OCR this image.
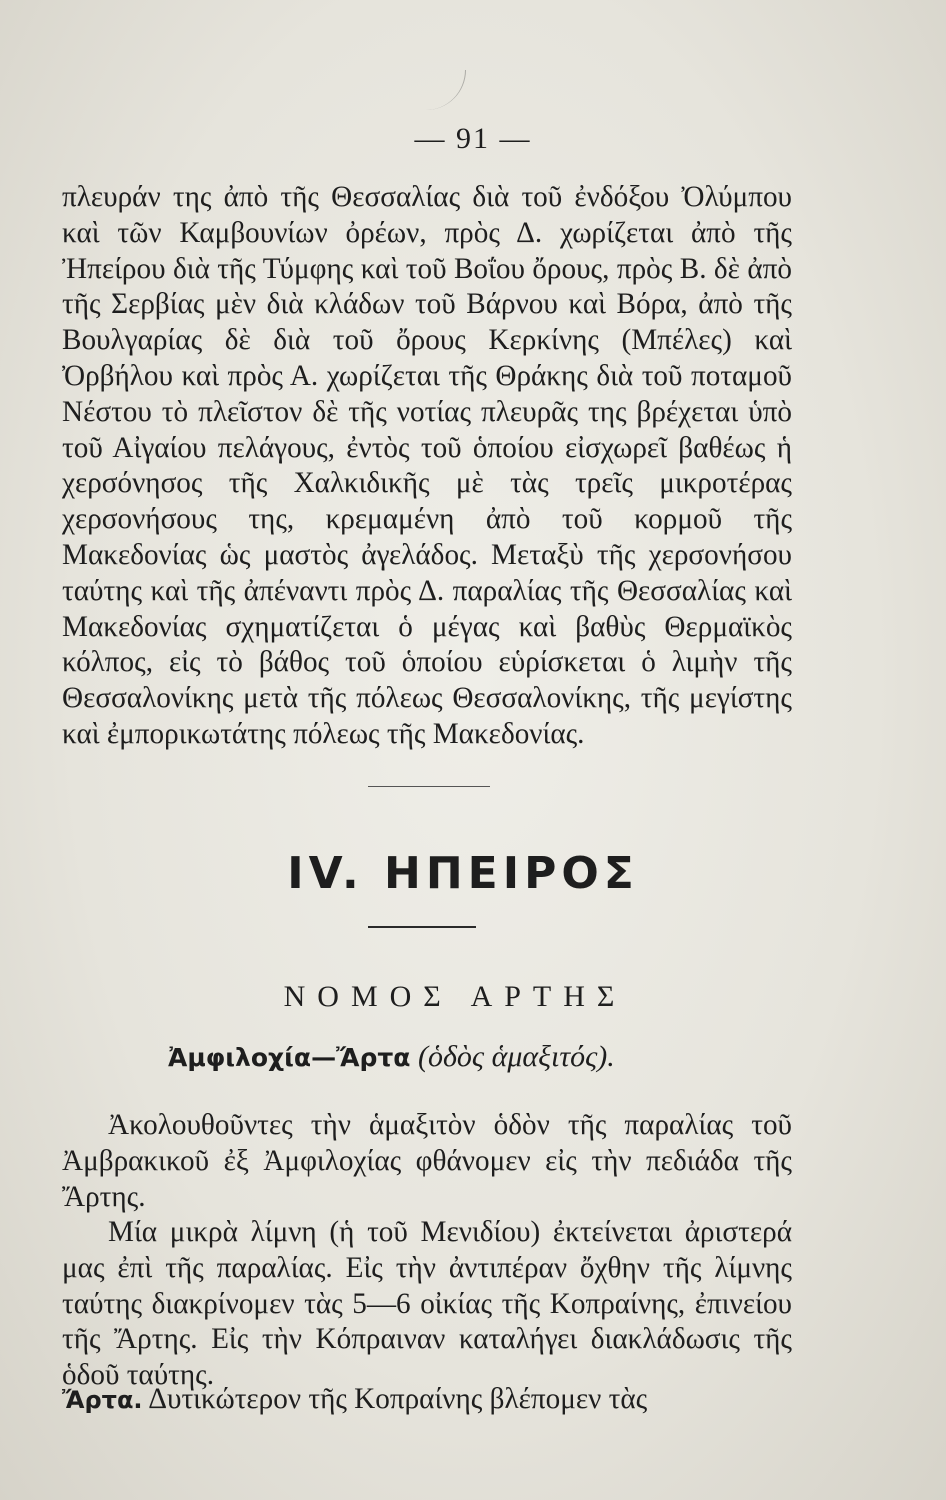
— 91 —

πλευράν της ἀπὸ τῆς Θεσσαλίας διὰ τοῦ ἐνδόξου Ὀλύμπου καὶ τῶν Καμβουνίων ὀρέων, πρὸς Δ. χωρίζεται ἀπὸ τῆς Ἠπείρου διὰ τῆς Τύμφης καὶ τοῦ Βοΐου ὄρους, πρὸς Β. δὲ ἀπὸ τῆς Σερβίας μὲν διὰ κλάδων τοῦ Βάρνου καὶ Βόρα, ἀπὸ τῆς Βουλγαρίας δὲ διὰ τοῦ ὄρους Κερκίνης (Μπέλες) καὶ Ὀρβήλου καὶ πρὸς Α. χωρίζεται τῆς Θράκης διὰ τοῦ ποταμοῦ Νέστου τὸ πλεῖστον δὲ τῆς νοτίας πλευρᾶς της βρέχεται ὑπὸ τοῦ Αἰγαίου πελάγους, ἐντὸς τοῦ ὁποίου εἰσχωρεῖ βαθέως ἡ χερσόνησος τῆς Χαλκιδικῆς μὲ τὰς τρεῖς μικροτέρας χερσονήσους της, κρεμαμένη ἀπὸ τοῦ κορμοῦ τῆς Μακεδονίας ὡς μαστὸς ἀγελάδος. Μεταξὺ τῆς χερσονήσου ταύτης καὶ τῆς ἀπέναντι πρὸς Δ. παραλίας τῆς Θεσσαλίας καὶ Μακεδονίας σχηματίζεται ὁ μέγας καὶ βαθὺς Θερμαϊκὸς κόλπος, εἰς τὸ βάθος τοῦ ὁποίου εὑρίσκεται ὁ λιμὴν τῆς Θεσσαλονίκης μετὰ τῆς πόλεως Θεσσαλονίκης, τῆς μεγίστης καὶ ἐμπορικωτάτης πόλεως τῆς Μακεδονίας.

IV. ΗΠΕΙΡΟΣ
ΝΟΜΟΣ ΑΡΤΗΣ
Ἀμφιλοχία—Ἄρτα (ὁδὸς ἁμαξιτός).

Ἀκολουθοῦντες τὴν ἁμαξιτὸν ὁδὸν τῆς παραλίας τοῦ Ἀμβρακικοῦ ἐξ Ἀμφιλοχίας φθάνομεν εἰς τὴν πεδιάδα τῆς Ἄρτης.

Μία μικρὰ λίμνη (ἡ τοῦ Μενιδίου) ἐκτείνεται ἀριστερά μας ἐπὶ τῆς παραλίας. Εἰς τὴν ἀντιπέραν ὄχθην τῆς λίμνης ταύτης διακρίνομεν τὰς 5—6 οἰκίας τῆς Κοπραίνης, ἐπινείου τῆς Ἄρτης. Εἰς τὴν Κόπραιναν καταλήγει διακλάδωσις τῆς ὁδοῦ ταύτης.

Ἄρτα. Δυτικώτερον τῆς Κοπραίνης βλέπομεν τὰς
